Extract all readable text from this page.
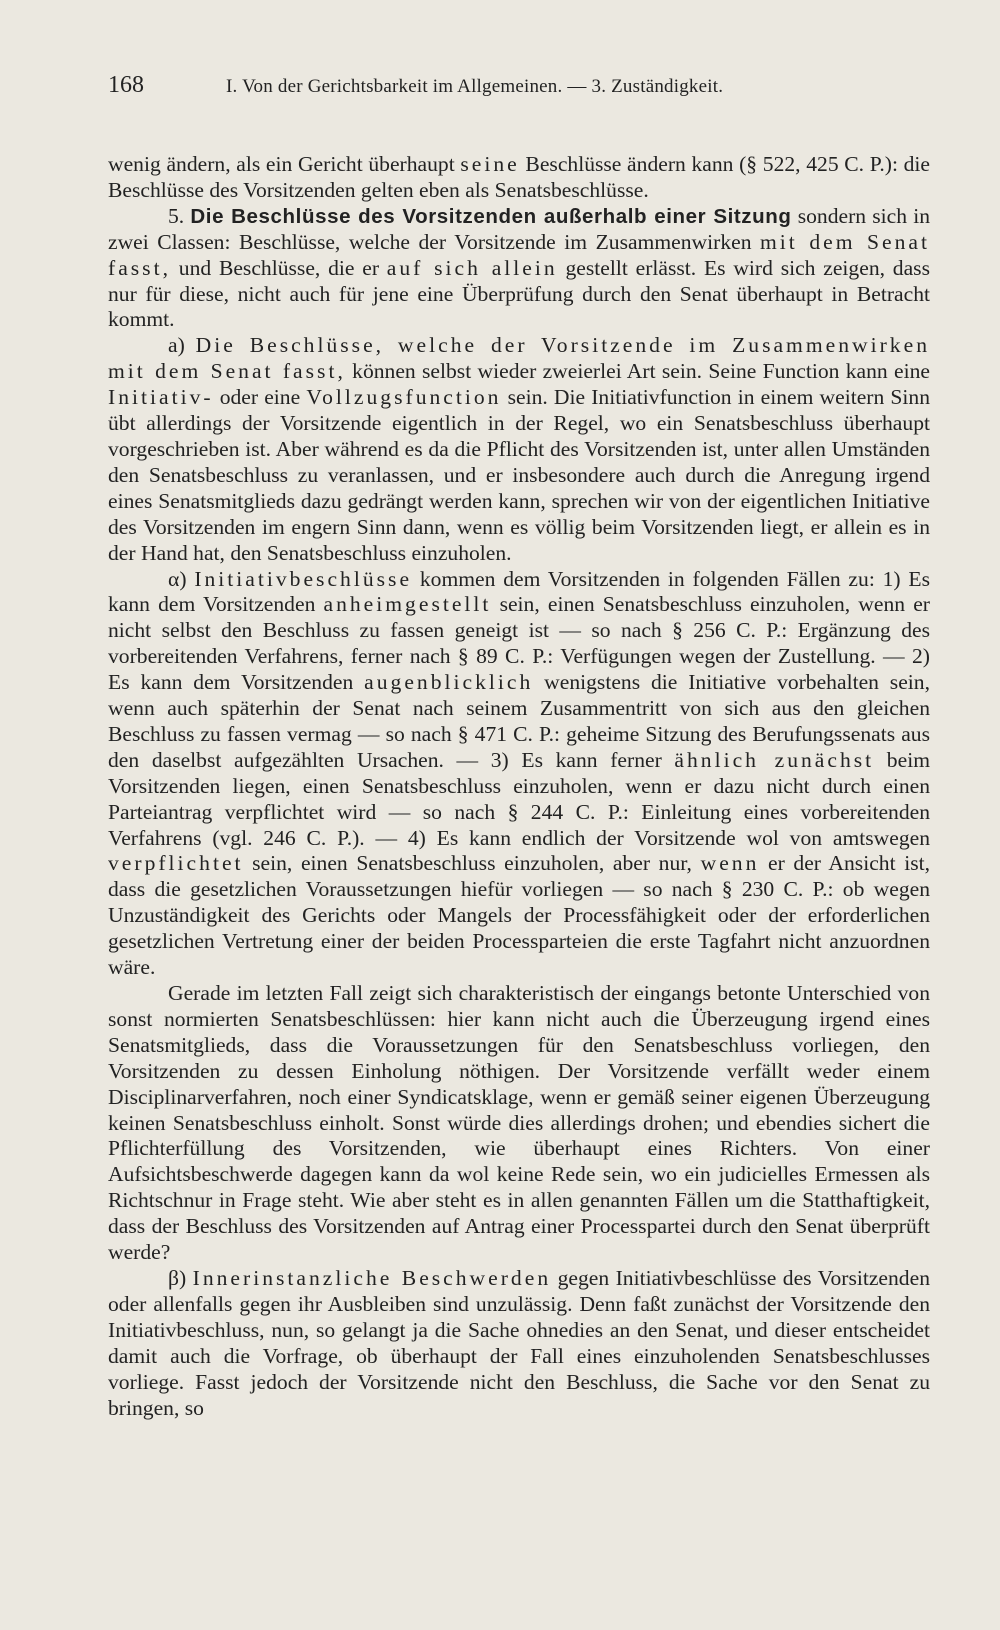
168	I. Von der Gerichtsbarkeit im Allgemeinen. — 3. Zuständigkeit.

wenig ändern, als ein Gericht überhaupt seine Beschlüsse ändern kann (§ 522, 425 C. P.): die Beschlüsse des Vorsitzenden gelten eben als Senatsbeschlüsse.

5. Die Beschlüsse des Vorsitzenden außerhalb einer Sitzung sondern sich in zwei Classen: Beschlüsse, welche der Vorsitzende im Zusammenwirken mit dem Senat fasst, und Beschlüsse, die er auf sich allein gestellt erlässt. Es wird sich zeigen, dass nur für diese, nicht auch für jene eine Überprüfung durch den Senat überhaupt in Betracht kommt.

a) Die Beschlüsse, welche der Vorsitzende im Zusammenwirken mit dem Senat fasst, können selbst wieder zweierlei Art sein. Seine Function kann eine Initiativ- oder eine Vollzugsfunction sein. Die Initiativfunction in einem weitern Sinn übt allerdings der Vorsitzende eigentlich in der Regel, wo ein Senatsbeschluss überhaupt vorgeschrieben ist. Aber während es da die Pflicht des Vorsitzenden ist, unter allen Umständen den Senatsbeschluss zu veranlassen, und er insbesondere auch durch die Anregung irgend eines Senatsmitglieds dazu gedrängt werden kann, sprechen wir von der eigentlichen Initiative des Vorsitzenden im engern Sinn dann, wenn es völlig beim Vorsitzenden liegt, er allein es in der Hand hat, den Senatsbeschluss einzuholen.

α) Initiativbeschlüsse kommen dem Vorsitzenden in folgenden Fällen zu: 1) Es kann dem Vorsitzenden anheimgestellt sein, einen Senatsbeschluss einzuholen, wenn er nicht selbst den Beschluss zu fassen geneigt ist — so nach § 256 C. P.: Ergänzung des vorbereitenden Verfahrens, ferner nach § 89 C. P.: Verfügungen wegen der Zustellung. — 2) Es kann dem Vorsitzenden augenblicklich wenigstens die Initiative vorbehalten sein, wenn auch späterhin der Senat nach seinem Zusammentritt von sich aus den gleichen Beschluss zu fassen vermag — so nach § 471 C. P.: geheime Sitzung des Berufungssenats aus den daselbst aufgezählten Ursachen. — 3) Es kann ferner ähnlich zunächst beim Vorsitzenden liegen, einen Senatsbeschluss einzuholen, wenn er dazu nicht durch einen Parteiantrag verpflichtet wird — so nach § 244 C. P.: Einleitung eines vorbereitenden Verfahrens (vgl. 246 C. P.). — 4) Es kann endlich der Vorsitzende wol von amtswegen verpflichtet sein, einen Senatsbeschluss einzuholen, aber nur, wenn er der Ansicht ist, dass die gesetzlichen Voraussetzungen hiefür vorliegen — so nach § 230 C. P.: ob wegen Unzuständigkeit des Gerichts oder Mangels der Processfähigkeit oder der erforderlichen gesetzlichen Vertretung einer der beiden Processparteien die erste Tagfahrt nicht anzuordnen wäre.

Gerade im letzten Fall zeigt sich charakteristisch der eingangs betonte Unterschied von sonst normierten Senatsbeschlüssen: hier kann nicht auch die Überzeugung irgend eines Senatsmitglieds, dass die Voraussetzungen für den Senatsbeschluss vorliegen, den Vorsitzenden zu dessen Einholung nöthigen. Der Vorsitzende verfällt weder einem Disciplinarverfahren, noch einer Syndicatsklage, wenn er gemäß seiner eigenen Überzeugung keinen Senatsbeschluss einholt. Sonst würde dies allerdings drohen; und ebendies sichert die Pflichterfüllung des Vorsitzenden, wie überhaupt eines Richters. Von einer Aufsichtsbeschwerde dagegen kann da wol keine Rede sein, wo ein judicielles Ermessen als Richtschnur in Frage steht. Wie aber steht es in allen genannten Fällen um die Statthaftigkeit, dass der Beschluss des Vorsitzenden auf Antrag einer Processpartei durch den Senat überprüft werde?

β) Innerinstanzliche Beschwerden gegen Initiativbeschlüsse des Vorsitzenden oder allenfalls gegen ihr Ausbleiben sind unzulässig. Denn faßt zunächst der Vorsitzende den Initiativbeschluss, nun, so gelangt ja die Sache ohnedies an den Senat, und dieser entscheidet damit auch die Vorfrage, ob überhaupt der Fall eines einzuholenden Senatsbeschlusses vorliege. Fasst jedoch der Vorsitzende nicht den Beschluss, die Sache vor den Senat zu bringen, so
